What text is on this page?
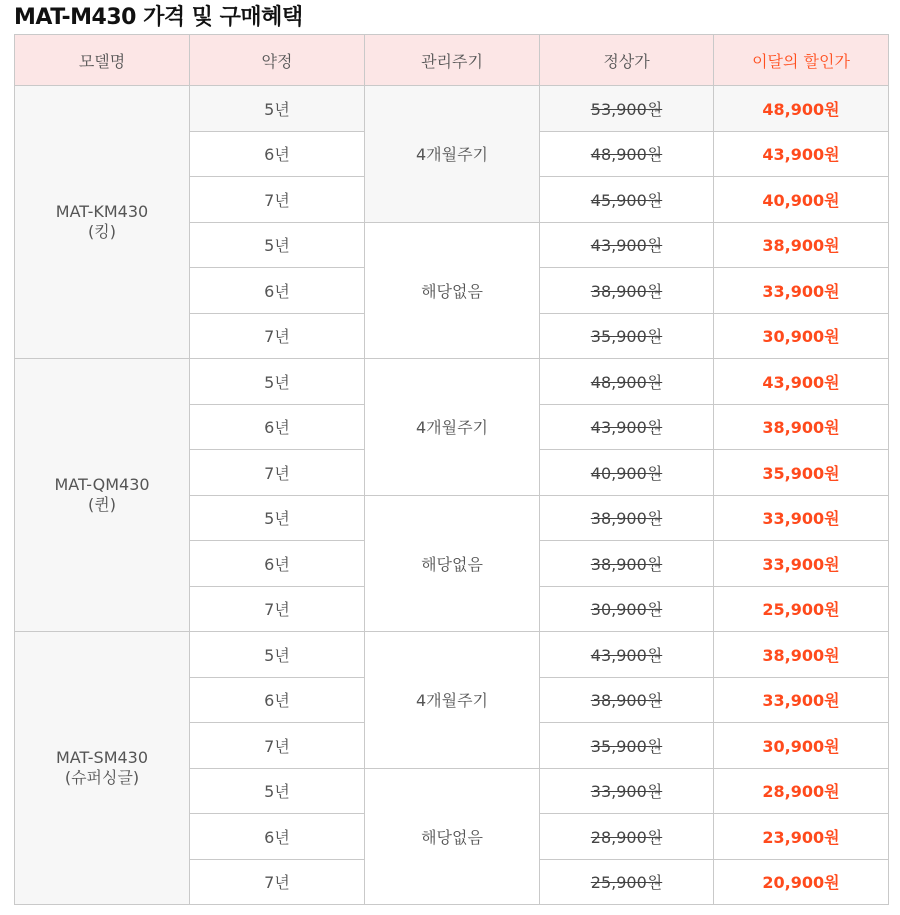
MAT-M430 가격 및 구매혜택
모델명	약정	관리주기	정상가	이달의 할인가

MAT-KM430
(킹)	5년	4개월주기	53,900원	48,900원
	6년		48,900원	43,900원
	7년		45,900원	40,900원
	5년	해당없음	43,900원	38,900원
	6년		38,900원	33,900원
	7년		35,900원	30,900원

MAT-QM430
(퀸)	5년	4개월주기	48,900원	43,900원
	6년		43,900원	38,900원
	7년		40,900원	35,900원
	5년	해당없음	38,900원	33,900원
	6년		38,900원	33,900원
	7년		30,900원	25,900원

MAT-SM430
(슈퍼싱글)	5년	4개월주기	43,900원	38,900원
	6년		38,900원	33,900원
	7년		35,900원	30,900원
	5년	해당없음	33,900원	28,900원
	6년		28,900원	23,900원
	7년		25,900원	20,900원
